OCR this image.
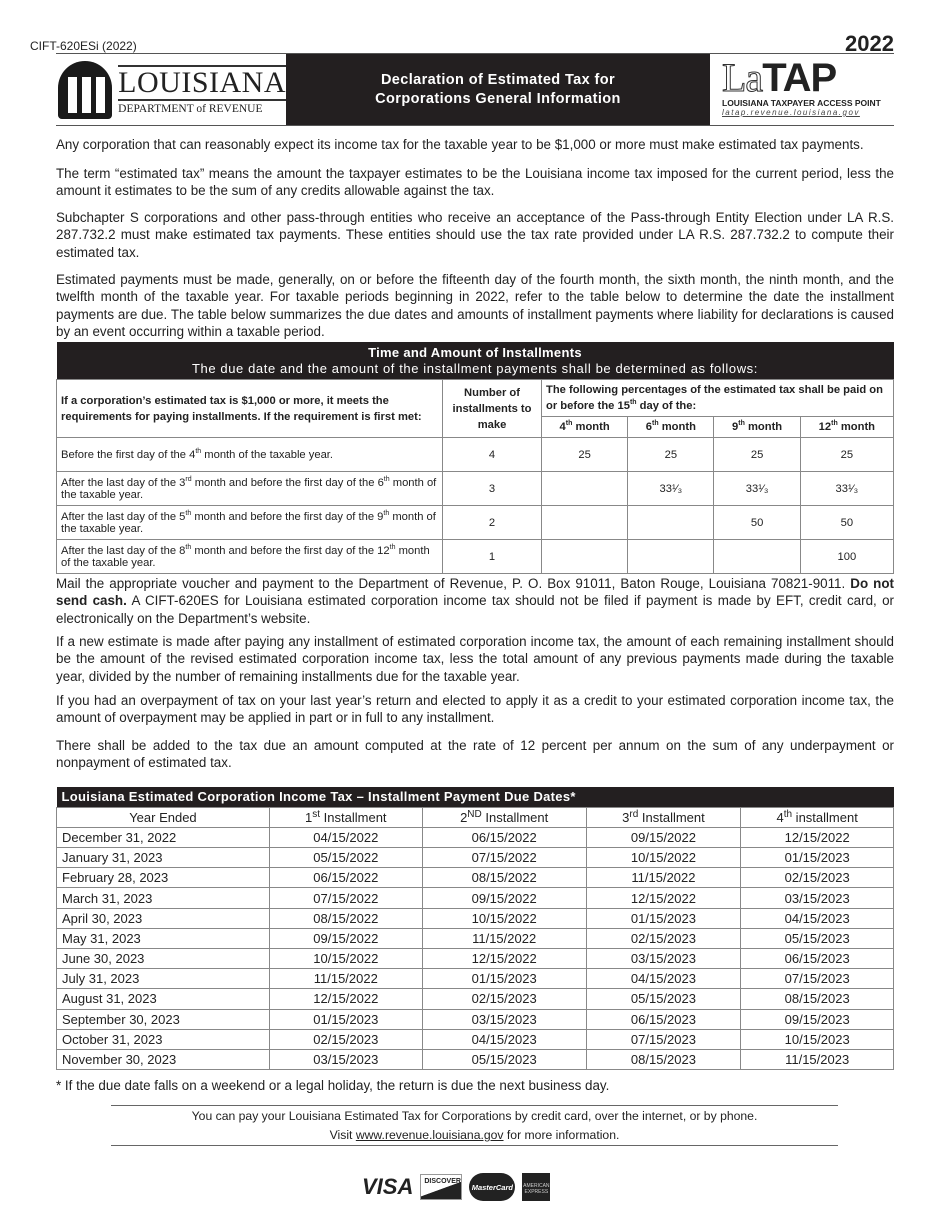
CIFT-620ESi (2022)	2022
LOUISIANA
DEPARTMENT of REVENUE
Declaration of Estimated Tax for
Corporations General Information	LaTAP
LOUISIANA TAXPAYER ACCESS POINT
latap.revenue.louisiana.gov

Any corporation that can reasonably expect its income tax for the taxable year to be $1,000 or more must make estimated tax payments.

The term “estimated tax” means the amount the taxpayer estimates to be the Louisiana income tax imposed for the current period, less the amount it estimates to be the sum of any credits allowable against the tax.

Subchapter S corporations and other pass-through entities who receive an acceptance of the Pass-through Entity Election under LA R.S. 287.732.2 must make estimated tax payments. These entities should use the tax rate provided under LA R.S. 287.732.2 to compute their estimated tax.

Estimated payments must be made, generally, on or before the fifteenth day of the fourth month, the sixth month, the ninth month, and the twelfth month of the taxable year. For taxable periods beginning in 2022, refer to the table below to determine the date the installment payments are due. The table below summarizes the due dates and amounts of installment payments where liability for declarations is caused by an event occurring within a taxable period.

Time and Amount of Installments
The due date and the amount of the installment payments shall be determined as follows:					
If a corporation’s estimated tax is $1,000 or more, it meets the requirements for paying installments. If the requirement is first met:	Number of installments to make	The following percentages of the estimated tax shall be paid on or before the 15th day of the:			
		4th month	6th month	9th month	12th month
Before the first day of the 4th month of the taxable year.	4	25	25	25	25
After the last day of the 3rd month and before the first day of the 6th month of the taxable year.	3		33¹⁄₃	33¹⁄₃	33¹⁄₃
After the last day of the 5th month and before the first day of the 9th month of the taxable year.	2			50	50
After the last day of the 8th month and before the first day of the 12th month of the taxable year.	1				100

Mail the appropriate voucher and payment to the Department of Revenue, P. O. Box 91011, Baton Rouge, Louisiana 70821-9011. Do not send cash. A CIFT-620ES for Louisiana estimated corporation income tax should not be filed if payment is made by EFT, credit card, or electronically on the Department’s website.

If a new estimate is made after paying any installment of estimated corporation income tax, the amount of each remaining installment should be the amount of the revised estimated corporation income tax, less the total amount of any previous payments made during the taxable year, divided by the number of remaining installments due for the taxable year.

If you had an overpayment of tax on your last year’s return and elected to apply it as a credit to your estimated corporation income tax, the amount of overpayment may be applied in part or in full to any installment.

There shall be added to the tax due an amount computed at the rate of 12 percent per annum on the sum of any underpayment or nonpayment of estimated tax.

Louisiana Estimated Corporation Income Tax – Installment Payment Due Dates*				
Year Ended	1st Installment	2ND Installment	3rd Installment	4th installment
December 31, 2022	04/15/2022	06/15/2022	09/15/2022	12/15/2022
January 31, 2023	05/15/2022	07/15/2022	10/15/2022	01/15/2023
February 28, 2023	06/15/2022	08/15/2022	11/15/2022	02/15/2023
March 31, 2023	07/15/2022	09/15/2022	12/15/2022	03/15/2023
April 30, 2023	08/15/2022	10/15/2022	01/15/2023	04/15/2023
May 31, 2023	09/15/2022	11/15/2022	02/15/2023	05/15/2023
June 30, 2023	10/15/2022	12/15/2022	03/15/2023	06/15/2023
July 31, 2023	11/15/2022	01/15/2023	04/15/2023	07/15/2023
August 31, 2023	12/15/2022	02/15/2023	05/15/2023	08/15/2023
September 30, 2023	01/15/2023	03/15/2023	06/15/2023	09/15/2023
October 31, 2023	02/15/2023	04/15/2023	07/15/2023	10/15/2023
November 30, 2023	03/15/2023	05/15/2023	08/15/2023	11/15/2023
* If the due date falls on a weekend or a legal holiday, the return is due the next business day.
You can pay your Louisiana Estimated Tax for Corporations by credit card, over the internet, or by phone.
Visit www.revenue.louisiana.gov for more information.
VISA	DISCOVER
MasterCard	AMERICAN EXPRESS
